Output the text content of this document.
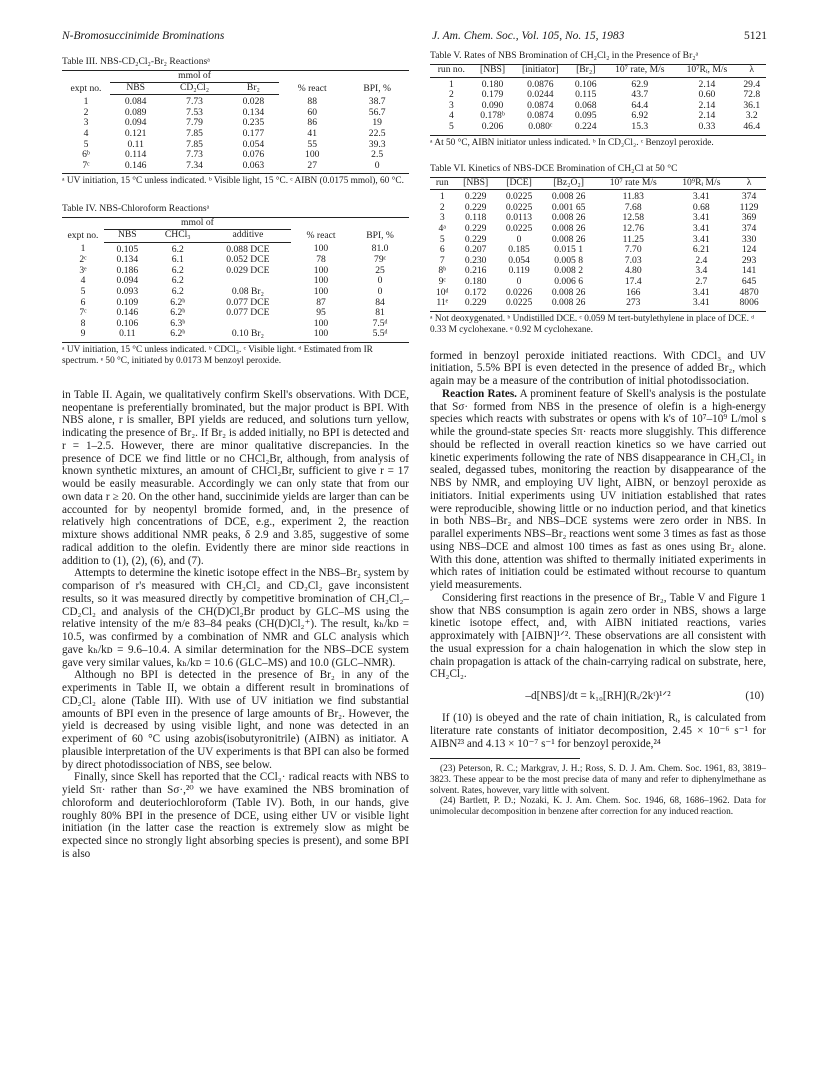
N-Bromosuccinimide Brominations	J. Am. Chem. Soc., Vol. 105, No. 15, 1983	5121

Table III. NBS-CD₂Cl₂-Br₂ Reactionsᵃ

expt no.	mmol of			% react	BPI, %
	NBS	CD₂Cl₂	Br₂		
1	0.084	7.73	0.028	88	38.7
2	0.089	7.53	0.134	60	56.7
3	0.094	7.79	0.235	86	19
4	0.121	7.85	0.177	41	22.5
5	0.11	7.85	0.054	55	39.3
6ᵇ	0.114	7.73	0.076	100	2.5
7ᶜ	0.146	7.34	0.063	27	0

ᵃ UV initiation, 15 °C unless indicated. ᵇ Visible light, 15 °C. ᶜ AIBN (0.0175 mmol), 60 °C.

Table IV. NBS-Chloroform Reactionsᵃ

expt no.	mmol of			% react	BPI, %
	NBS	CHCl₃	additive		
1	0.105	6.2	0.088 DCE	100	81.0
2ᶜ	0.134	6.1	0.052 DCE	78	79ᶜ
3ᵉ	0.186	6.2	0.029 DCE	100	25
4	0.094	6.2		100	0
5	0.093	6.2	0.08 Br₂	100	0
6	0.109	6.2ᵇ	0.077 DCE	87	84
7ᶜ	0.146	6.2ᵇ	0.077 DCE	95	81
8	0.106	6.3ᵇ		100	7.5ᵈ
9	0.11	6.2ᵇ	0.10 Br₂	100	5.5ᵈ

ᵃ UV initiation, 15 °C unless indicated. ᵇ CDCl₃. ᶜ Visible light. ᵈ Estimated from IR spectrum. ᵉ 50 °C, initiated by 0.0173 M benzoyl peroxide.

in Table II. Again, we qualitatively confirm Skell's observations. With DCE, neopentane is preferentially brominated, but the major product is BPI. With NBS alone, r is smaller, BPI yields are reduced, and solutions turn yellow, indicating the presence of Br₂. If Br₂ is added initially, no BPI is detected and r = 1–2.5. However, there are minor qualitative discrepancies. In the presence of DCE we find little or no CHCl₂Br, although, from analysis of known synthetic mixtures, an amount of CHCl₂Br, sufficient to give r = 17 would be easily measurable. Accordingly we can only state that from our own data r ≥ 20. On the other hand, succinimide yields are larger than can be accounted for by neopentyl bromide formed, and, in the presence of relatively high concentrations of DCE, e.g., experiment 2, the reaction mixture shows additional NMR peaks, δ 2.9 and 3.85, suggestive of some radical addition to the olefin. Evidently there are minor side reactions in addition to (1), (2), (6), and (7).

Attempts to determine the kinetic isotope effect in the NBS–Br₂ system by comparison of r's measured with CH₂Cl₂ and CD₂Cl₂ gave inconsistent results, so it was measured directly by competitive bromination of CH₂Cl₂–CD₂Cl₂ and analysis of the CH(D)Cl₂Br product by GLC–MS using the relative intensity of the m/e 83–84 peaks (CH(D)Cl₂⁺). The result, kₕ/kᴅ = 10.5, was confirmed by a combination of NMR and GLC analysis which gave kₕ/kᴅ = 9.6–10.4. A similar determination for the NBS–DCE system gave very similar values, kₕ/kᴅ = 10.6 (GLC–MS) and 10.0 (GLC–NMR).

Although no BPI is detected in the presence of Br₂ in any of the experiments in Table II, we obtain a different result in brominations of CD₂Cl₂ alone (Table III). With use of UV initiation we find substantial amounts of BPI even in the presence of large amounts of Br₂. However, the yield is decreased by using visible light, and none was detected in an experiment of 60 °C using azobis(isobutyronitrile) (AIBN) as initiator. A plausible interpretation of the UV experiments is that BPI can also be formed by direct photodissociation of NBS, see below.

Finally, since Skell has reported that the CCl₃· radical reacts with NBS to yield Sπ· rather than Sσ·,²⁰ we have examined the NBS bromination of chloroform and deuteriochloroform (Table IV). Both, in our hands, give roughly 80% BPI in the presence of DCE, using either UV or visible light initiation (in the latter case the reaction is extremely slow as might be expected since no strongly light absorbing species is present), and some BPI is also

Table V. Rates of NBS Bromination of CH₂Cl₂ in the Presence of Br₂ᵃ

run no.	[NBS]	[initiator]	[Br₂]	10⁷ rate, M/s	10⁷Rᵢ, M/s	λ
1	0.180	0.0876	0.106	62.9	2.14	29.4
2	0.179	0.0244	0.115	43.7	0.60	72.8
3	0.090	0.0874	0.068	64.4	2.14	36.1
4	0.178ᵇ	0.0874	0.095	6.92	2.14	3.2
5	0.206	0.080ᶜ	0.224	15.3	0.33	46.4

ᵃ At 50 °C, AIBN initiator unless indicated. ᵇ In CD₂Cl₂. ᶜ Benzoyl peroxide.

Table VI. Kinetics of NBS-DCE Bromination of CH₂Cl at 50 °C

run	[NBS]	[DCE]	[Bz₂O₂]	10⁷ rate M/s	10⁹Rᵢ M/s	λ
1	0.229	0.0225	0.008 26	11.83	3.41	374
2	0.229	0.0225	0.001 65	7.68	0.68	1129
3	0.118	0.0113	0.008 26	12.58	3.41	369
4ᵃ	0.229	0.0225	0.008 26	12.76	3.41	374
5	0.229	0	0.008 26	11.25	3.41	330
6	0.207	0.185	0.015 1	7.70	6.21	124
7	0.230	0.054	0.005 8	7.03	2.4	293
8ᵇ	0.216	0.119	0.008 2	4.80	3.4	141
9ᶜ	0.180	0	0.006 6	17.4	2.7	645
10ᵈ	0.172	0.0226	0.008 26	166	3.41	4870
11ᵉ	0.229	0.0225	0.008 26	273	3.41	8006

ᵃ Not deoxygenated. ᵇ Undistilled DCE. ᶜ 0.059 M tert-butylethylene in place of DCE. ᵈ 0.33 M cyclohexane. ᵉ 0.92 M cyclohexane.

formed in benzoyl peroxide initiated reactions. With CDCl₃ and UV initiation, 5.5% BPI is even detected in the presence of added Br₂, which again may be a measure of the contribution of initial photodissociation.

Reaction Rates. A prominent feature of Skell's analysis is the postulate that Sσ· formed from NBS in the presence of olefin is a high-energy species which reacts with substrates or opens with k's of 10⁷–10⁹ L/mol s while the ground-state species Sπ· reacts more sluggishly. This difference should be reflected in overall reaction kinetics so we have carried out kinetic experiments following the rate of NBS disappearance in CH₂Cl₂ in sealed, degassed tubes, monitoring the reaction by disappearance of the NBS by NMR, and employing UV light, AIBN, or benzoyl peroxide as initiators. Initial experiments using UV initiation established that rates were reproducible, showing little or no induction period, and that kinetics in both NBS–Br₂ and NBS–DCE systems were zero order in NBS. In parallel experiments NBS–Br₂ reactions went some 3 times as fast as those using NBS–DCE and almost 100 times as fast as ones using Br₂ alone. With this done, attention was shifted to thermally initiated experiments in which rates of initiation could be estimated without recourse to quantum yield measurements.

Considering first reactions in the presence of Br₂, Table V and Figure 1 show that NBS consumption is again zero order in NBS, shows a large kinetic isotope effect, and, with AIBN initiated reactions, varies approximately with [AIBN]¹ᐟ². These observations are all consistent with the usual expression for a chain halogenation in which the slow step in chain propagation is attack of the chain-carrying radical on substrate, here, CH₂Cl₂.

–d[NBS]/dt = k₁₀[RH](Rᵢ/2kᵗ)¹ᐟ²	(10)

If (10) is obeyed and the rate of chain initiation, Rᵢ, is calculated from literature rate constants of initiator decomposition, 2.45 × 10⁻⁶ s⁻¹ for AIBN²³ and 4.13 × 10⁻⁷ s⁻¹ for benzoyl peroxide,²⁴

(23) Peterson, R. C.; Markgrav, J. H.; Ross, S. D. J. Am. Chem. Soc. 1961, 83, 3819–3823. These appear to be the most precise data of many and refer to diphenylmethane as solvent. Rates, however, vary little with solvent.

(24) Bartlett, P. D.; Nozaki, K. J. Am. Chem. Soc. 1946, 68, 1686–1962. Data for unimolecular decomposition in benzene after correction for any induced reaction.
